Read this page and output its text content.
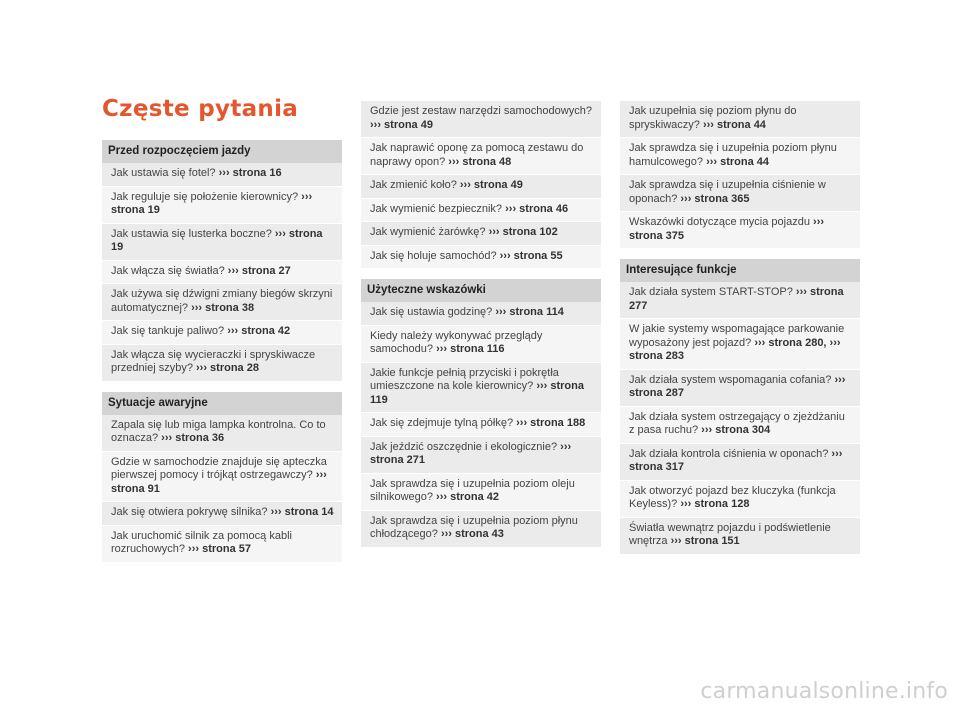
Częste pytania
Przed rozpoczęciem jazdy
Jak ustawia się fotel? ››› strona 16
Jak reguluje się położenie kierownicy? ››› strona 19
Jak ustawia się lusterka boczne? ››› strona 19
Jak włącza się światła? ››› strona 27
Jak używa się dźwigni zmiany biegów skrzyni automatycznej? ››› strona 38
Jak się tankuje paliwo? ››› strona 42
Jak włącza się wycieraczki i spryskiwacze przedniej szyby? ››› strona 28
Sytuacje awaryjne
Zapala się lub miga lampka kontrolna. Co to oznacza? ››› strona 36
Gdzie w samochodzie znajduje się apteczka pierwszej pomocy i trójkąt ostrzegawczy? ››› strona 91
Jak się otwiera pokrywę silnika? ››› strona 14
Jak uruchomić silnik za pomocą kabli rozruchowych? ››› strona 57
Gdzie jest zestaw narzędzi samochodowych? ››› strona 49
Jak naprawić oponę za pomocą zestawu do naprawy opon? ››› strona 48
Jak zmienić koło? ››› strona 49
Jak wymienić bezpiecznik? ››› strona 46
Jak wymienić żarówkę? ››› strona 102
Jak się holuje samochód? ››› strona 55
Użyteczne wskazówki
Jak się ustawia godzinę? ››› strona 114
Kiedy należy wykonywać przeglądy samochodu? ››› strona 116
Jakie funkcje pełnią przyciski i pokrętła umieszczone na kole kierownicy? ››› strona 119
Jak się zdejmuje tylną półkę? ››› strona 188
Jak jeździć oszczędnie i ekologicznie? ››› strona 271
Jak sprawdza się i uzupełnia poziom oleju silnikowego? ››› strona 42
Jak sprawdza się i uzupełnia poziom płynu chłodzącego? ››› strona 43
Jak uzupełnia się poziom płynu do spryskiwaczy? ››› strona 44
Jak sprawdza się i uzupełnia poziom płynu hamulcowego? ››› strona 44
Jak sprawdza się i uzupełnia ciśnienie w oponach? ››› strona 365
Wskazówki dotyczące mycia pojazdu ››› strona 375
Interesujące funkcje
Jak działa system START-STOP? ››› strona 277
W jakie systemy wspomagające parkowanie wyposażony jest pojazd? ››› strona 280, ››› strona 283
Jak działa system wspomagania cofania? ››› strona 287
Jak działa system ostrzegający o zjeżdżaniu z pasa ruchu? ››› strona 304
Jak działa kontrola ciśnienia w oponach? ››› strona 317
Jak otworzyć pojazd bez kluczyka (funkcja Keyless)? ››› strona 128
Światła wewnątrz pojazdu i podświetlenie wnętrza ››› strona 151
carmanualsonline.info
